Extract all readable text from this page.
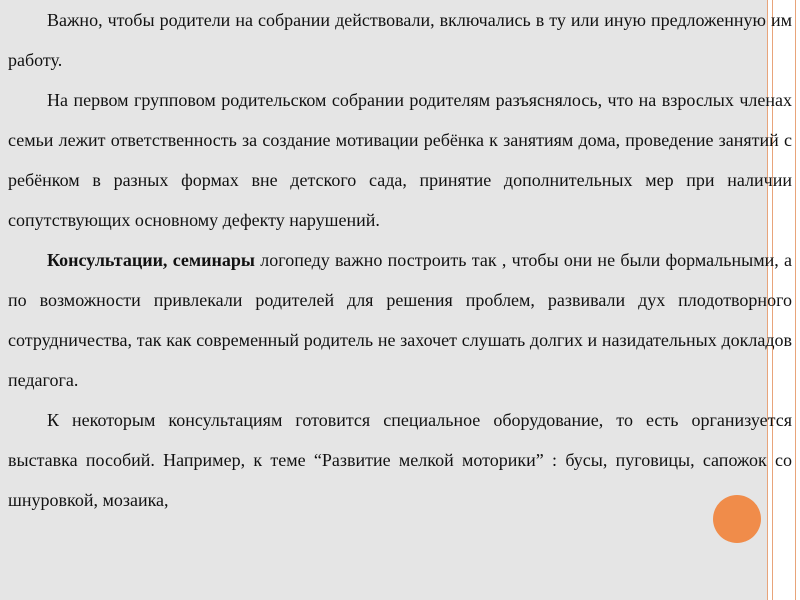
Важно, чтобы родители на собрании действовали, включались в ту или иную предложенную им работу.

На первом групповом родительском собрании родителям разъяснялось, что на взрослых членах семьи лежит ответственность за создание мотивации ребёнка к занятиям дома, проведение занятий с ребёнком в разных формах вне детского сада, принятие дополнительных мер при наличии сопутствующих основному дефекту нарушений.

Консультации, семинары логопеду важно построить так , чтобы они не были формальными, а по возможности привлекали родителей для решения проблем, развивали дух плодотворного сотрудничества, так как современный родитель не захочет слушать долгих и назидательных докладов педагога.

К некоторым консультациям готовится специальное оборудование, то есть организуется выставка пособий. Например, к теме “Развитие мелкой моторики” : бусы, пуговицы, сапожок со шнуровкой, мозаика,
